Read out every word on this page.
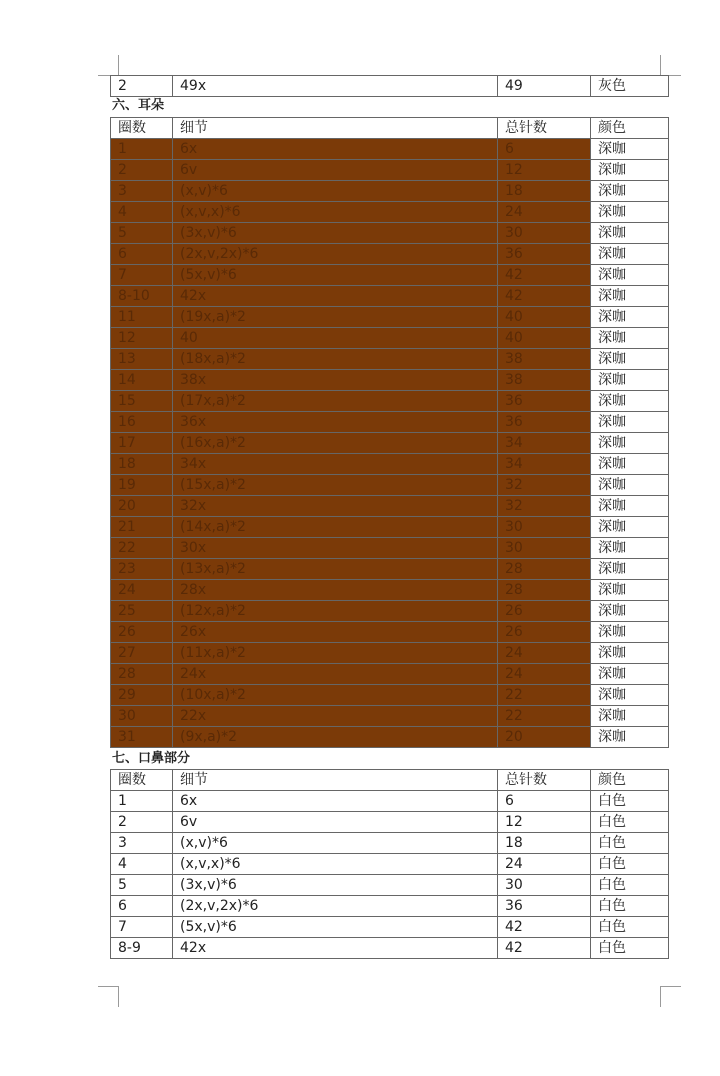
2	49x	49	灰色
六、耳朵
圈数	细节	总针数	颜色
1	6x	6	深咖
2	6v	12	深咖
3	(x,v)*6	18	深咖
4	(x,v,x)*6	24	深咖
5	(3x,v)*6	30	深咖
6	(2x,v,2x)*6	36	深咖
7	(5x,v)*6	42	深咖
8-10	42x	42	深咖
11	(19x,a)*2	40	深咖
12	40	40	深咖
13	(18x,a)*2	38	深咖
14	38x	38	深咖
15	(17x,a)*2	36	深咖
16	36x	36	深咖
17	(16x,a)*2	34	深咖
18	34x	34	深咖
19	(15x,a)*2	32	深咖
20	32x	32	深咖
21	(14x,a)*2	30	深咖
22	30x	30	深咖
23	(13x,a)*2	28	深咖
24	28x	28	深咖
25	(12x,a)*2	26	深咖
26	26x	26	深咖
27	(11x,a)*2	24	深咖
28	24x	24	深咖
29	(10x,a)*2	22	深咖
30	22x	22	深咖
31	(9x,a)*2	20	深咖
七、口鼻部分
圈数	细节	总针数	颜色
1	6x	6	白色
2	6v	12	白色
3	(x,v)*6	18	白色
4	(x,v,x)*6	24	白色
5	(3x,v)*6	30	白色
6	(2x,v,2x)*6	36	白色
7	(5x,v)*6	42	白色
8-9	42x	42	白色
